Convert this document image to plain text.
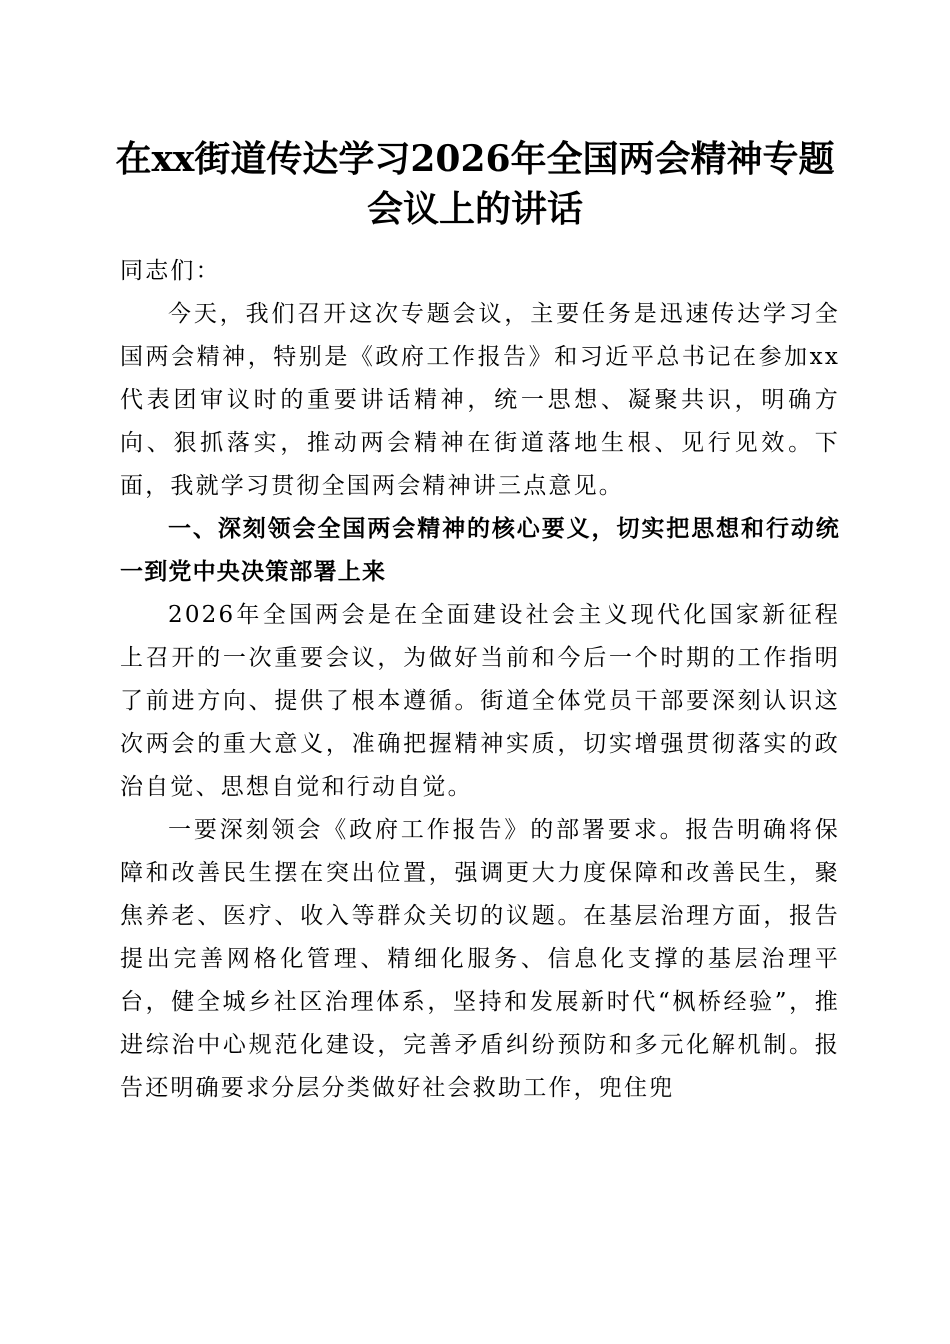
在xx街道传达学习2026年全国两会精神专题
会议上的讲话

同志们：

今天，我们召开这次专题会议，主要任务是迅速传达学习全国两会精神，特别是《政府工作报告》和习近平总书记在参加xx代表团审议时的重要讲话精神，统一思想、凝聚共识，明确方向、狠抓落实，推动两会精神在街道落地生根、见行见效。下面，我就学习贯彻全国两会精神讲三点意见。

一、深刻领会全国两会精神的核心要义，切实把思想和行动统一到党中央决策部署上来

2026年全国两会是在全面建设社会主义现代化国家新征程上召开的一次重要会议，为做好当前和今后一个时期的工作指明了前进方向、提供了根本遵循。街道全体党员干部要深刻认识这次两会的重大意义，准确把握精神实质，切实增强贯彻落实的政治自觉、思想自觉和行动自觉。

一要深刻领会《政府工作报告》的部署要求。报告明确将保障和改善民生摆在突出位置，强调更大力度保障和改善民生，聚焦养老、医疗、收入等群众关切的议题。在基层治理方面，报告提出完善网格化管理、精细化服务、信息化支撑的基层治理平台，健全城乡社区治理体系，坚持和发展新时代“枫桥经验”，推进综治中心规范化建设，完善矛盾纠纷预防和多元化解机制。报告还明确要求分层分类做好社会救助工作，兜住兜
